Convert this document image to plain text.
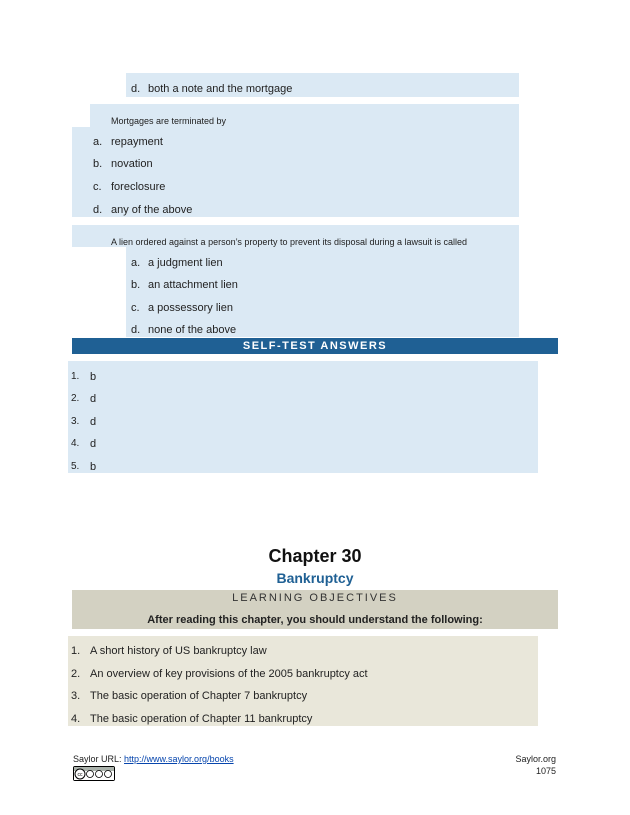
d. both a note and the mortgage
Mortgages are terminated by
a. repayment
b. novation
c. foreclosure
d. any of the above
A lien ordered against a person’s property to prevent its disposal during a lawsuit is called
a. a judgment lien
b. an attachment lien
c. a possessory lien
d. none of the above
SELF-TEST ANSWERS
1. b
2. d
3. d
4. d
5. b
Chapter 30
Bankruptcy
LEARNING OBJECTIVES
After reading this chapter, you should understand the following:
1. A short history of US bankruptcy law
2. An overview of key provisions of the 2005 bankruptcy act
3. The basic operation of Chapter 7 bankruptcy
4. The basic operation of Chapter 11 bankruptcy
Saylor URL: http://www.saylor.org/books
cc
Saylor.org
1075
